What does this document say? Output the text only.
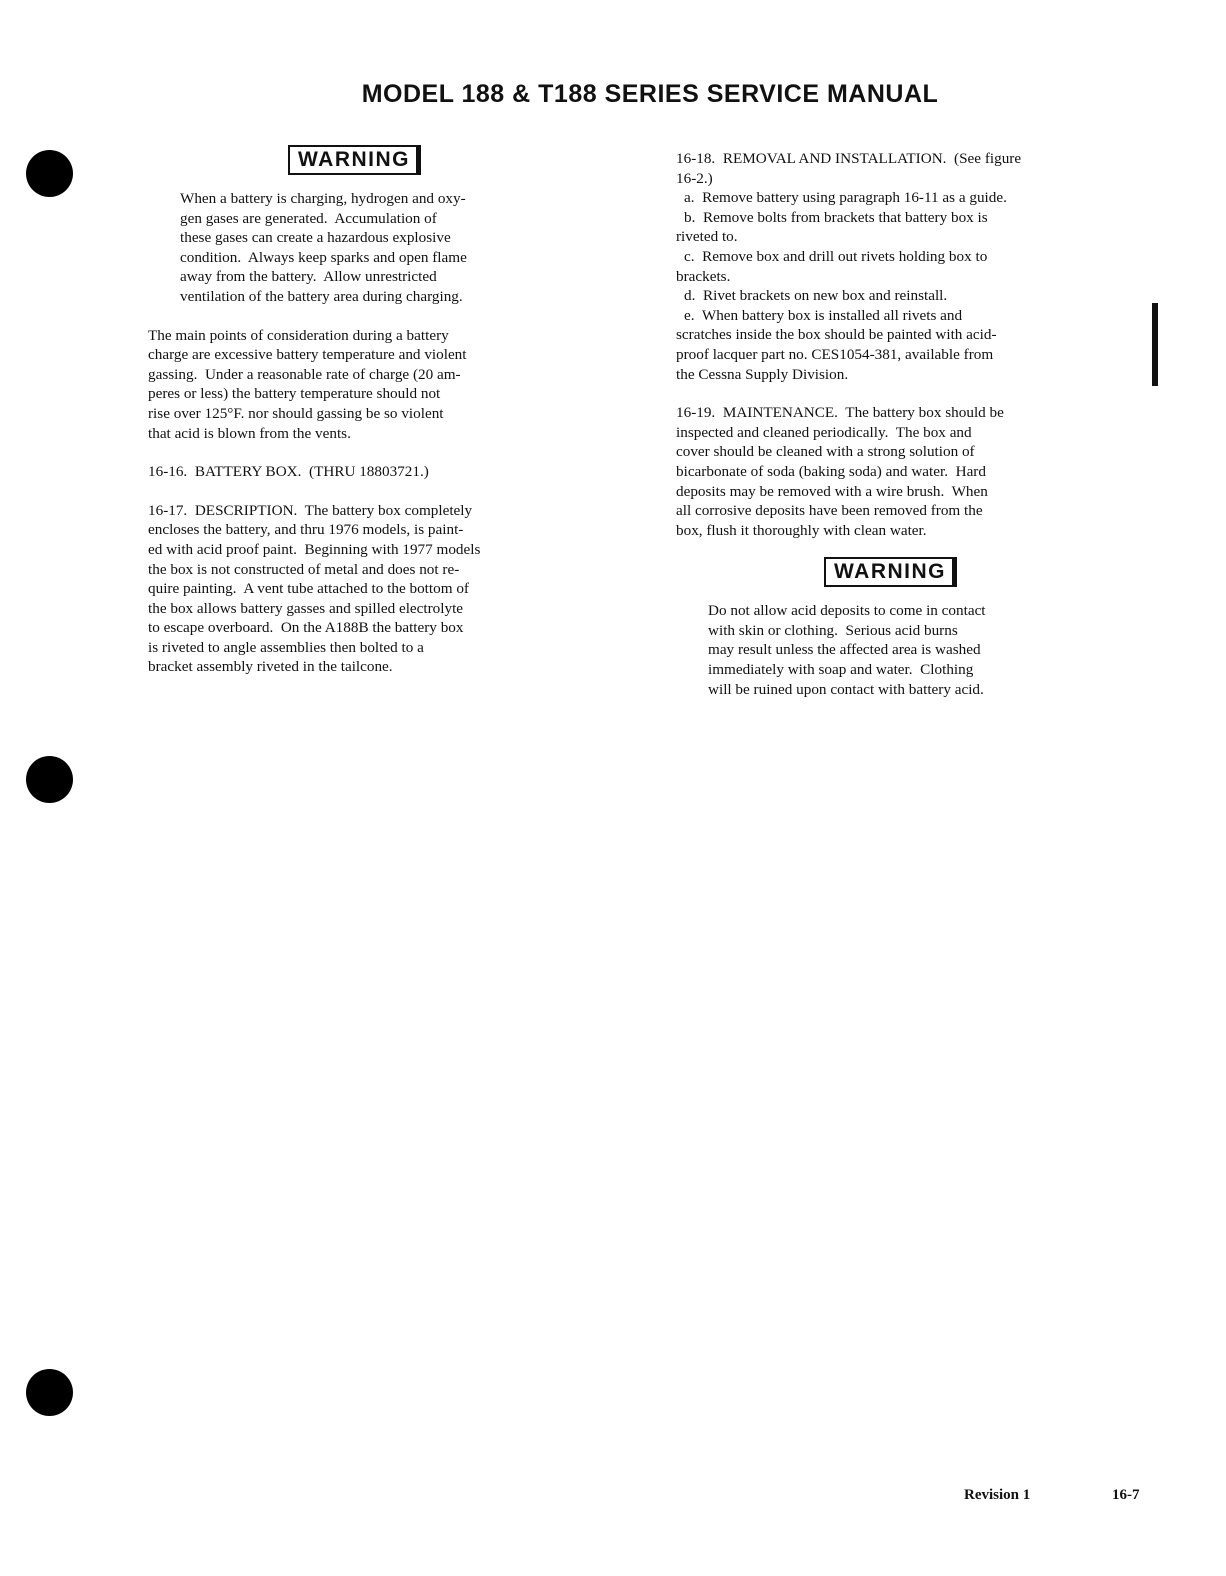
MODEL 188 & T188 SERIES SERVICE MANUAL
WARNING
When a battery is charging, hydrogen and oxy-
gen gases are generated.  Accumulation of
these gases can create a hazardous explosive
condition.  Always keep sparks and open flame
away from the battery.  Allow unrestricted
ventilation of the battery area during charging.
The main points of consideration during a battery
charge are excessive battery temperature and violent
gassing.  Under a reasonable rate of charge (20 am-
peres or less) the battery temperature should not
rise over 125°F. nor should gassing be so violent
that acid is blown from the vents.
16-16.  BATTERY BOX.  (THRU 18803721.)
16-17.  DESCRIPTION.  The battery box completely
encloses the battery, and thru 1976 models, is paint-
ed with acid proof paint.  Beginning with 1977 models
the box is not constructed of metal and does not re-
quire painting.  A vent tube attached to the bottom of
the box allows battery gasses and spilled electrolyte
to escape overboard.  On the A188B the battery box
is riveted to angle assemblies then bolted to a
bracket assembly riveted in the tailcone.
16-18.  REMOVAL AND INSTALLATION.  (See figure
16-2.)
a.  Remove battery using paragraph 16-11 as a guide.
b.  Remove bolts from brackets that battery box is
riveted to.
c.  Remove box and drill out rivets holding box to
brackets.
d.  Rivet brackets on new box and reinstall.
e.  When battery box is installed all rivets and
scratches inside the box should be painted with acid-
proof lacquer part no. CES1054-381, available from
the Cessna Supply Division.
16-19.  MAINTENANCE.  The battery box should be
inspected and cleaned periodically.  The box and
cover should be cleaned with a strong solution of
bicarbonate of soda (baking soda) and water.  Hard
deposits may be removed with a wire brush.  When
all corrosive deposits have been removed from the
box, flush it thoroughly with clean water.
WARNING
Do not allow acid deposits to come in contact
with skin or clothing.  Serious acid burns
may result unless the affected area is washed
immediately with soap and water.  Clothing
will be ruined upon contact with battery acid.
Revision 1	16-7
